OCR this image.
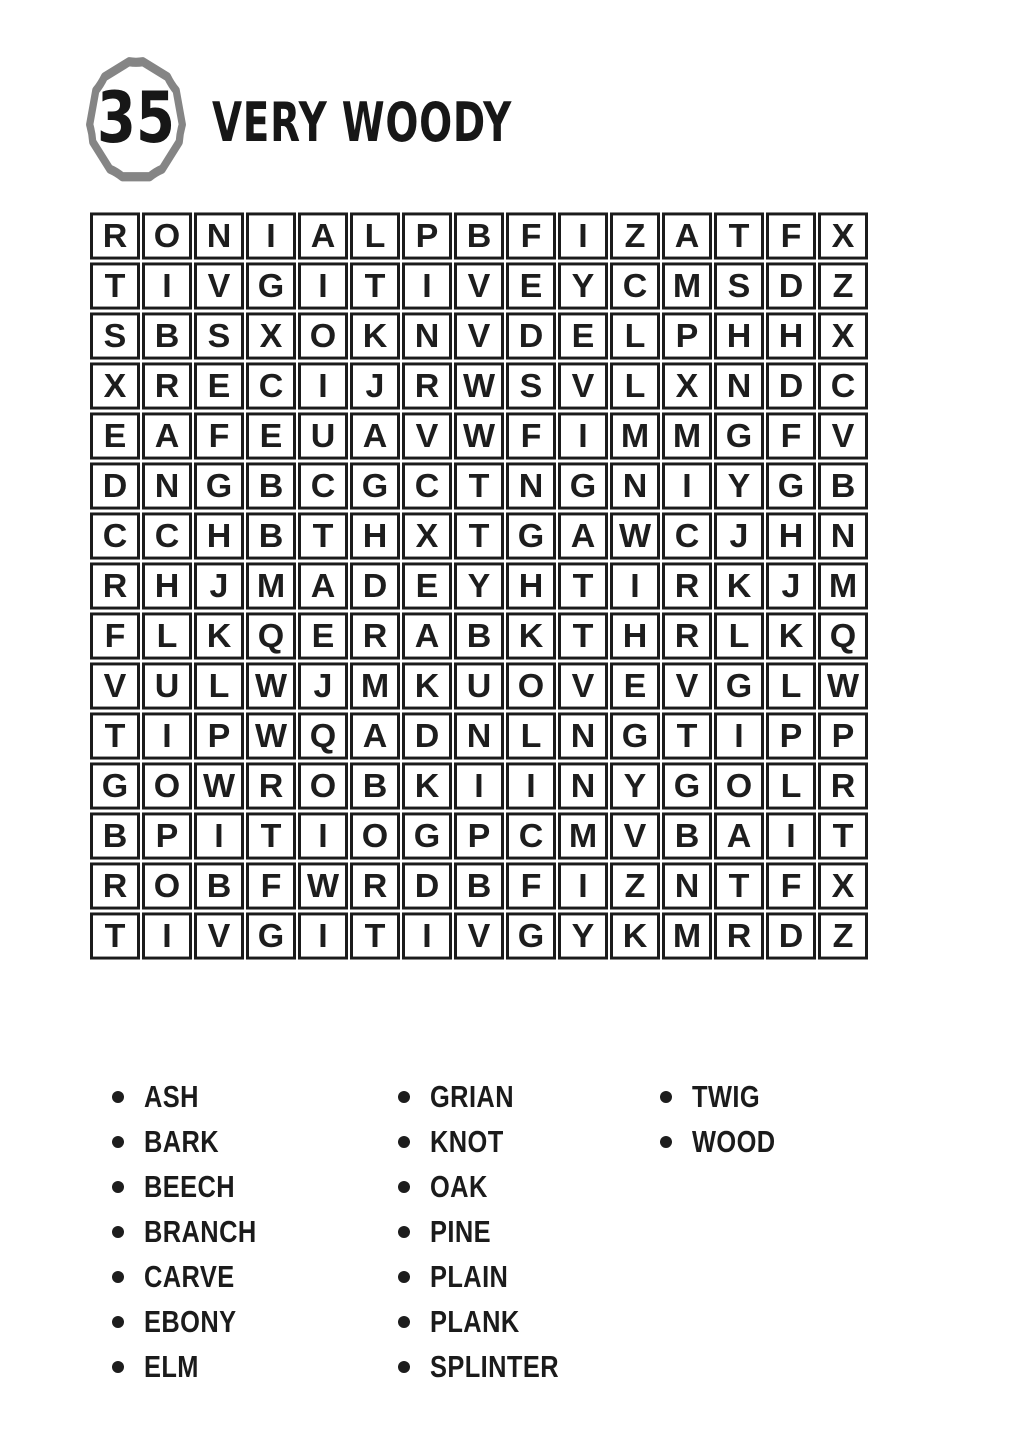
35 VERY WOODY
R	O	N	I	A	L	P	B	F	I	Z	A	T	F	X
T	I	V	G	I	T	I	V	E	Y	C	M	S	D	Z
S	B	S	X	O	K	N	V	D	E	L	P	H	H	X
X	R	E	C	I	J	R	W	S	V	L	X	N	D	C
E	A	F	E	U	A	V	W	F	I	M	M	G	F	V
D	N	G	B	C	G	C	T	N	G	N	I	Y	G	B
C	C	H	B	T	H	X	T	G	A	W	C	J	H	N
R	H	J	M	A	D	E	Y	H	T	I	R	K	J	M
F	L	K	Q	E	R	A	B	K	T	H	R	L	K	Q
V	U	L	W	J	M	K	U	O	V	E	V	G	L	W
T	I	P	W	Q	A	D	N	L	N	G	T	I	P	P
G	O	W	R	O	B	K	I	I	N	Y	G	O	L	R
B	P	I	T	I	O	G	P	C	M	V	B	A	I	T
R	O	B	F	W	R	D	B	F	I	Z	N	T	F	X
T	I	V	G	I	T	I	V	G	Y	K	M	R	D	Z
ASH
BARK
BEECH
BRANCH
CARVE
EBONY
ELM
GRIAN
KNOT
OAK
PINE
PLAIN
PLANK
SPLINTER
TWIG
WOOD
